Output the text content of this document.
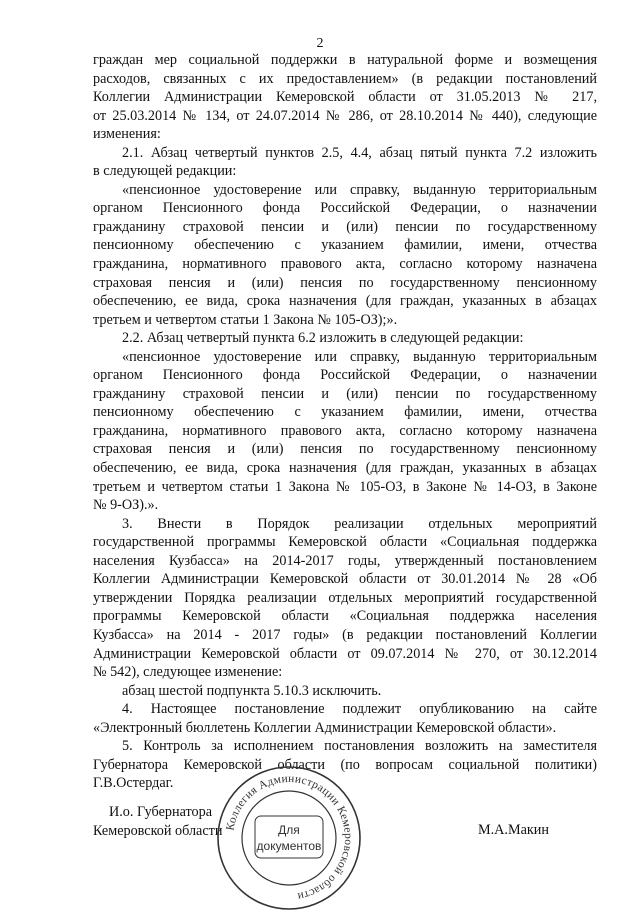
2

граждан мер социальной поддержки в натуральной форме и возмещения

расходов, связанных с их предоставлением» (в редакции постановлений

Коллегии Администрации Кемеровской области от 31.05.2013 № 217,

от 25.03.2014 № 134, от 24.07.2014 № 286, от 28.10.2014 № 440), следующие

изменения:

2.1. Абзац четвертый пунктов 2.5, 4.4, абзац пятый пункта 7.2 изложить

в следующей редакции:

«пенсионное удостоверение или справку, выданную территориальным

органом Пенсионного фонда Российской Федерации, о назначении

гражданину страховой пенсии и (или) пенсии по государственному

пенсионному обеспечению с указанием фамилии, имени, отчества

гражданина, нормативного правового акта, согласно которому назначена

страховая пенсия и (или) пенсия по государственному пенсионному

обеспечению, ее вида, срока назначения (для граждан, указанных в абзацах

третьем и четвертом статьи 1 Закона № 105-ОЗ);».

2.2. Абзац четвертый пункта 6.2 изложить в следующей редакции:

«пенсионное удостоверение или справку, выданную территориальным

органом Пенсионного фонда Российской Федерации, о назначении

гражданину страховой пенсии и (или) пенсии по государственному

пенсионному обеспечению с указанием фамилии, имени, отчества

гражданина, нормативного правового акта, согласно которому назначена

страховая пенсия и (или) пенсия по государственному пенсионному

обеспечению, ее вида, срока назначения (для граждан, указанных в абзацах

третьем и четвертом статьи 1 Закона № 105-ОЗ, в Законе № 14-ОЗ, в Законе

№ 9-ОЗ).».

3. Внести в Порядок реализации отдельных мероприятий

государственной программы Кемеровской области «Социальная поддержка

населения Кузбасса» на 2014-2017 годы, утвержденный постановлением

Коллегии Администрации Кемеровской области от 30.01.2014 № 28 «Об

утверждении Порядка реализации отдельных мероприятий государственной

программы Кемеровской области «Социальная поддержка населения

Кузбасса» на 2014 - 2017 годы» (в редакции постановлений Коллегии

Администрации Кемеровской области от 09.07.2014 № 270, от 30.12.2014

№ 542), следующее изменение:

абзац шестой подпункта 5.10.3 исключить.

4. Настоящее постановление подлежит опубликованию на сайте

«Электронный бюллетень Коллегии Администрации Кемеровской области».

5. Контроль за исполнением постановления возложить на заместителя

Губернатора Кемеровской области (по вопросам социальной политики)

Г.В.Остердаг.

И.о. Губернатора
Кемеровской области	М.А.Макин
Коллегия Администрации Кемеровской области
Для
документов
